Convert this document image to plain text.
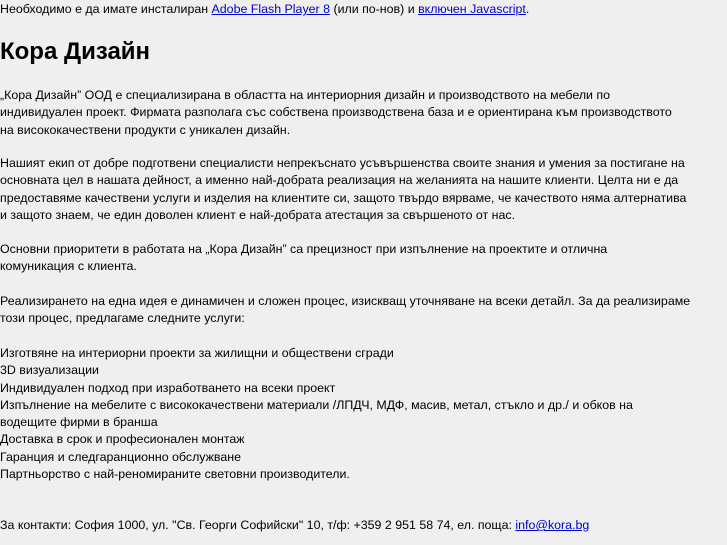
Необходимо е да имате инсталиран Adobe Flash Player 8 (или по-нов) и включен Javascript.
Кора Дизайн
„Кора Дизайн” ООД е специализирана в областта на интериорния дизайн и производството на мебели по
индивидуален проект. Фирмата разполага със собствена производствена база и е ориентирана към производството
на висококачествени продукти с уникален дизайн.
Нашият екип от добре подготвени специалисти непрекъснато усъвършенства своите знания и умения за постигане на
основната цел в нашата дейност, а именно най-добрата реализация на желанията на нашите клиенти. Целта ни е да
предоставяме качествени услуги и изделия на клиентите си, защото твърдо вярваме, че качеството няма алтернатива
и защото знаем, че един доволен клиент е най-добрата атестация за свършеното от нас.
Основни приоритети в работата на „Кора Дизайн” са прецизност при изпълнение на проектите и отлична
комуникация с клиента.
Реализирането на една идея е динамичен и сложен процес, изискващ уточняване на всеки детайл. За да реализираме
този процес, предлагаме следните услуги:
Изготвяне на интериорни проекти за жилищни и обществени сгради
3D визуализации
Индивидуален подход при изработването на всеки проект
Изпълнение на мебелите с висококачествени материали /ЛПДЧ, МДФ, масив, метал, стъкло и др./ и обков на
водещите фирми в бранша
Доставка в срок и професионален монтаж
Гаранция и следгаранционно обслужване
Партньорство с най-реномираните световни производители.
За контакти: София 1000, ул. "Св. Георги Софийски" 10, т/ф: +359 2 951 58 74, ел. поща: info@kora.bg
